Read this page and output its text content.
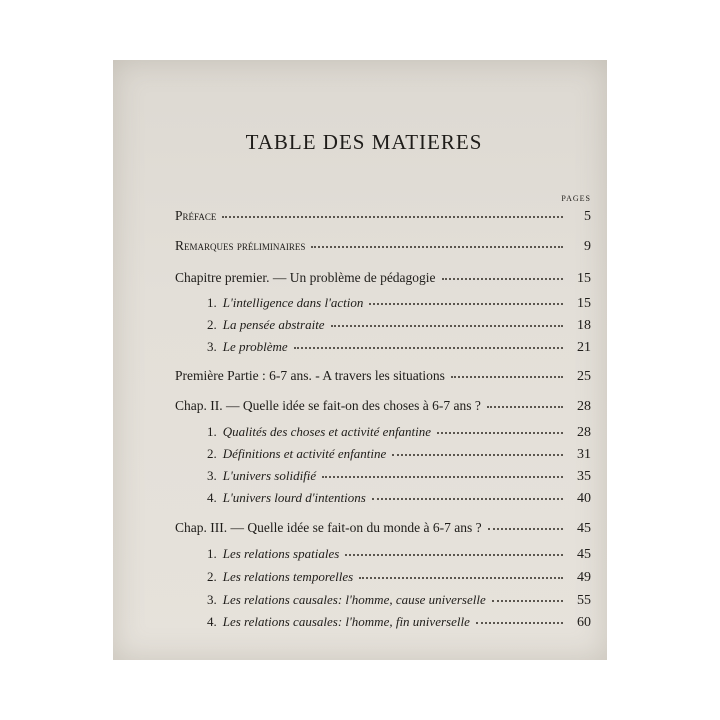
TABLE DES MATIERES
PAGES
Préface	5
Remarques préliminaires	9
Chapitre premier. — Un problème de pédagogie	15
1. L'intelligence dans l'action	15
2. La pensée abstraite	18
3. Le problème	21
Première Partie : 6-7 ans. - A travers les situations	25
Chap. II. — Quelle idée se fait-on des choses à 6-7 ans ?	28
1. Qualités des choses et activité enfantine	28
2. Définitions et activité enfantine	31
3. L'univers solidifié	35
4. L'univers lourd d'intentions	40
Chap. III. — Quelle idée se fait-on du monde à 6-7 ans ?	45
1. Les relations spatiales	45
2. Les relations temporelles	49
3. Les relations causales: l'homme, cause universelle	55
4. Les relations causales: l'homme, fin universelle	60
